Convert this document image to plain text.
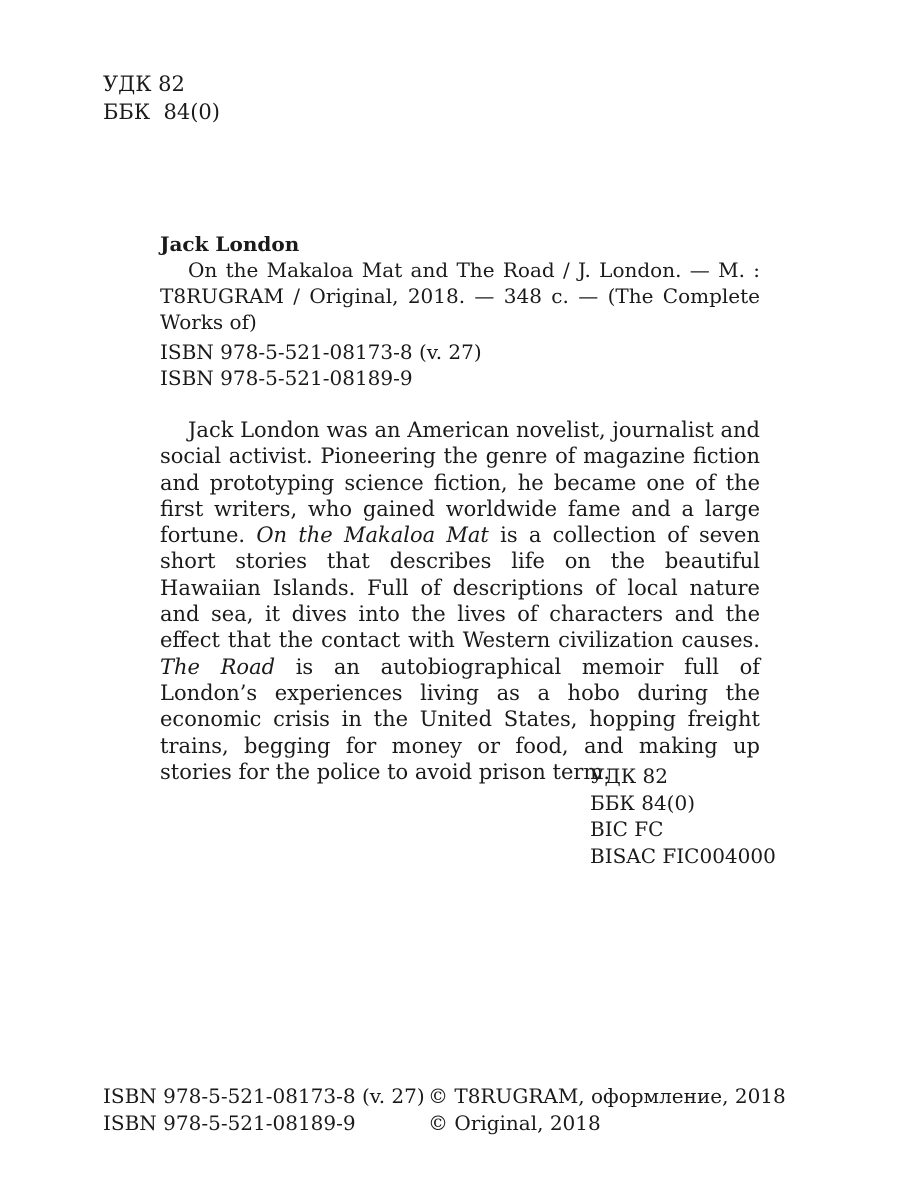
УДК 82
ББК  84(0)
Jack London
On the Makaloa Mat and The Road / J. London. — M. : T8RUGRAM / Original, 2018. — 348 c. — (The Complete Works of)
ISBN 978-5-521-08173-8 (v. 27)
ISBN 978-5-521-08189-9
Jack London was an American novelist, journalist and social activist. Pioneering the genre of magazine fiction and prototyping science fiction, he became one of the first writers, who gained worldwide fame and a large fortune. On the Makaloa Mat is a collection of seven short stories that describes life on the beautiful Hawaiian Islands. Full of descriptions of local nature and sea, it dives into the lives of characters and the effect that the contact with Western civilization causes. The Road is an autobiographical memoir full of London’s experiences living as a hobo during the economic crisis in the United States, hopping freight trains, begging for money or food, and making up stories for the police to avoid prison term.
УДК 82
ББК 84(0)
BIC FC
BISAC FIC004000
ISBN 978-5-521-08173-8 (v. 27)
ISBN 978-5-521-08189-9
© T8RUGRAM, оформление, 2018
© Original, 2018
